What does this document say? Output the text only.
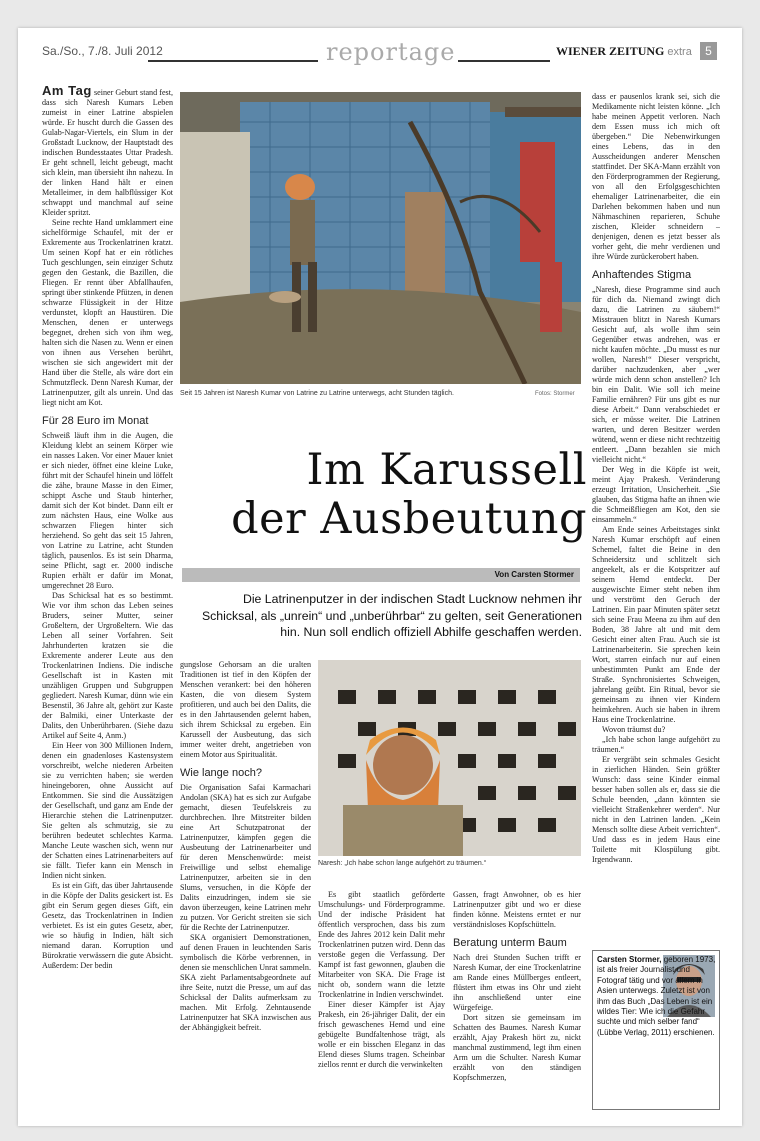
Sa./So., 7./8. Juli 2012	reportage	WIENER ZEITUNG extra	5

Am Tag seiner Geburt stand fest, dass sich Naresh Kumars Leben zumeist in einer Latrine abspielen würde. Er huscht durch die Gassen des Gulab-Nagar-Viertels, ein Slum in der Großstadt Lucknow, der Hauptstadt des indischen Bundesstaates Uttar Pradesh. Er geht schnell, leicht gebeugt, macht sich klein, man übersieht ihn nahezu. In der linken Hand hält er einen Metalleimer, in dem halbflüssiger Kot schwappt und manchmal auf seine Kleider spritzt.

Seine rechte Hand umklammert eine sichelförmige Schaufel, mit der er Exkremente aus Trockenlatrinen kratzt. Um seinen Kopf hat er ein rötliches Tuch geschlungen, sein einziger Schutz gegen den Gestank, die Bazillen, die Fliegen. Er rennt über Abfallhaufen, springt über stinkende Pfützen, in denen schwarze Flüssigkeit in der Hitze verdunstet, klopft an Haustüren. Die Menschen, denen er unterwegs begegnet, drehen sich von ihm weg, halten sich die Nasen zu. Wenn er einen von ihnen aus Versehen berührt, wischen sie sich angewidert mit der Hand über die Stelle, als wäre dort ein Schmutzfleck. Denn Naresh Kumar, der Latrinenputzer, gilt als unrein. Und das liegt nicht am Kot.

Für 28 Euro im Monat

Schweiß läuft ihm in die Augen, die Kleidung klebt an seinem Körper wie ein nasses Laken. Vor einer Mauer kniet er sich nieder, öffnet eine kleine Luke, führt mit der Schaufel hinein und löffelt die zähe, braune Masse in den Eimer, schippt Asche und Staub hinterher, damit sich der Kot bindet. Dann eilt er zum nächsten Haus, eine Wolke aus schwarzen Fliegen hinter sich herziehend. So geht das seit 15 Jahren, von Latrine zu Latrine, acht Stunden täglich, pausenlos. Es ist sein Dharma, seine Pflicht, sagt er. 2000 indische Rupien erhält er dafür im Monat, umgerechnet 28 Euro.

Das Schicksal hat es so bestimmt. Wie vor ihm schon das Leben seines Bruders, seiner Mutter, seiner Großeltern, der Urgroßeltern. Wie das Leben all seiner Vorfahren. Seit Jahrhunderten kratzen sie die Exkremente anderer Leute aus den Trockenlatrinen Indiens. Die indische Gesellschaft ist in Kasten mit unzähligen Gruppen und Subgruppen gegliedert. Naresh Kumar, dünn wie ein Besenstil, 36 Jahre alt, gehört zur Kaste der Balmiki, einer Unterkaste der Dalits, den Unberührbaren. (Siehe dazu Artikel auf Seite 4, Anm.)

Ein Heer von 300 Millionen Indern, denen ein gnadenloses Kastensystem vorschreibt, welche niederen Arbeiten sie zu verrichten haben; sie werden hineingeboren, ohne Aussicht auf Entkommen. Sie sind die Aussätzigen der Gesellschaft, und ganz am Ende der Hierarchie stehen die Latrinenputzer. Sie gelten als schmutzig, sie zu berühren bedeutet schlechtes Karma. Manche Leute waschen sich, wenn nur der Schatten eines Latrinenarbeiters auf sie fällt. Tiefer kann ein Mensch in Indien nicht sinken.

Es ist ein Gift, das über Jahrtausende in die Köpfe der Dalits gesickert ist. Es gibt ein Serum gegen dieses Gift, ein Gesetz, das Trockenlatrinen in Indien verbietet. Es ist ein gutes Gesetz, aber, wie so häufig in Indien, hält sich niemand daran. Korruption und Bürokratie verwässern die gute Absicht. Außerdem: Der bedin

Seit 15 Jahren ist Naresh Kumar von Latrine zu Latrine unterwegs, acht Stunden täglich.	Fotos: Stormer
Im Karussell
der Ausbeutung
Von Carsten Stormer
Die Latrinenputzer in der indischen Stadt Lucknow nehmen ihr Schicksal, als „unrein“ und „unberührbar“ zu gelten, seit Generationen hin. Nun soll endlich offiziell Abhilfe geschaffen werden.

gungslose Gehorsam an die uralten Traditionen ist tief in den Köpfen der Menschen verankert: bei den höheren Kasten, die von diesem System profitieren, und auch bei den Dalits, die es in den Jahrtausenden gelernt haben, sich ihrem Schicksal zu ergeben. Ein Karussell der Ausbeutung, das sich immer weiter dreht, angetrieben von einem Motor aus Spiritualität.

Wie lange noch?

Die Organisation Safai Karmachari Andolan (SKA) hat es sich zur Aufgabe gemacht, diesen Teufelskreis zu durchbrechen. Ihre Mitstreiter bilden eine Art Schutzpatronat der Latrinenputzer, kämpfen gegen die Ausbeutung der Latrinenarbeiter und für deren Menschenwürde: meist Freiwillige und selbst ehemalige Latrinenputzer, arbeiten sie in den Slums, versuchen, in die Köpfe der Dalits einzudringen, indem sie sie davon überzeugen, keine Latrinen mehr zu putzen. Vor Gericht streiten sie sich für die Rechte der Latrinenputzer.

SKA organisiert Demonstrationen, auf denen Frauen in leuchtenden Saris symbolisch die Körbe verbrennen, in denen sie menschlichen Unrat sammeln. SKA zieht Parlamentsabgeordnete auf ihre Seite, nutzt die Presse, um auf das Schicksal der Dalits aufmerksam zu machen. Mit Erfolg. Zehntausende Latrinenputzer hat SKA inzwischen aus der Abhängigkeit befreit.

Naresh: „Ich habe schon lange aufgehört zu träumen.“

Es gibt staatlich geförderte Umschulungs- und Förderprogramme. Und der indische Präsident hat öffentlich versprochen, dass bis zum Ende des Jahres 2012 kein Dalit mehr Trockenlatrinen putzen wird. Denn das verstoße gegen die Verfassung. Der Kampf ist fast gewonnen, glauben die Mitarbeiter von SKA. Die Frage ist nicht ob, sondern wann die letzte Trockenlatrine in Indien verschwindet.

Einer dieser Kämpfer ist Ajay Prakesh, ein 26-jähriger Dalit, der ein frisch gewaschenes Hemd und eine gebügelte Bundfaltenhose trägt, als wolle er ein bisschen Eleganz in das Elend dieses Slums tragen. Scheinbar ziellos rennt er durch die verwinkelten

Gassen, fragt Anwohner, ob es hier Latrinenputzer gibt und wo er diese finden könne. Meistens erntet er nur verständnisloses Kopfschütteln.

Beratung unterm Baum

Nach drei Stunden Suchen trifft er Naresh Kumar, der eine Trockenlatrine am Rande eines Müllberges entleert, flüstert ihm etwas ins Ohr und zieht ihn anschließend unter eine Würgefeige.

Dort sitzen sie gemeinsam im Schatten des Baumes. Naresh Kumar erzählt, Ajay Prakesh hört zu, nickt manchmal zustimmend, legt ihm einen Arm um die Schulter. Naresh Kumar erzählt von den ständigen Kopfschmerzen,

dass er pausenlos krank sei, sich die Medikamente nicht leisten könne. „Ich habe meinen Appetit verloren. Nach dem Essen muss ich mich oft übergeben.“ Die Nebenwirkungen eines Lebens, das in den Ausscheidungen anderer Menschen stattfindet. Der SKA-Mann erzählt von den Förderprogrammen der Regierung, von all den Erfolgsgeschichten ehemaliger Latrinenarbeiter, die ein Darlehen bekommen haben und nun Nähmaschinen reparieren, Schuhe zischen, Kleider schneidern – denjenigen, denen es jetzt besser als vorher geht, die mehr verdienen und ihre Würde zurückerobert haben.

Anhaftendes Stigma

„Naresh, diese Programme sind auch für dich da. Niemand zwingt dich dazu, die Latrinen zu säubern!“ Misstrauen blitzt in Naresh Kumars Gesicht auf, als wolle ihm sein Gegenüber etwas andrehen, was er nicht kaufen möchte. „Du musst es nur wollen, Naresh!“ Dieser verspricht, darüber nachzudenken, aber „wer würde mich denn schon anstellen? Ich bin ein Dalit. Wie soll ich meine Familie ernähren? Für uns gibt es nur diese Arbeit.“ Dann verabschiedet er sich, er müsse weiter. Die Latrinen warten, und deren Besitzer werden wütend, wenn er diese nicht rechtzeitig entleert. „Dann bezahlen sie mich vielleicht nicht.“

Der Weg in die Köpfe ist weit, meint Ajay Prakesh. Veränderung erzeugt Irritation, Unsicherheit. „Sie glauben, das Stigma hafte an ihnen wie die Schmeißfliegen am Kot, den sie einsammeln.“

Am Ende seines Arbeitstages sinkt Naresh Kumar erschöpft auf einen Schemel, faltet die Beine in den Schneidersitz und schlitzelt sich angeekelt, als er die Kotspritzer auf seinem Hemd entdeckt. Der ausgewischte Eimer steht neben ihm und verströmt den Geruch der Latrinen. Ein paar Minuten später setzt sich seine Frau Meena zu ihm auf den Boden, 38 Jahre alt und mit dem Gesicht einer alten Frau. Auch sie ist Latrinenarbeiterin. Sie sprechen kein Wort, starren einfach nur auf einen unbestimmten Punkt am Ende der Straße. Synchronisiertes Schweigen, jahrelang geübt. Ein Ritual, bevor sie gemeinsam zu ihnen vier Kindern heimkehren. Auch sie haben in ihrem Haus eine Trockenlatrine.

Wovon träumst du?

„Ich habe schon lange aufgehört zu träumen.“

Er vergräbt sein schmales Gesicht in zierlichen Händen. Sein größter Wunsch: dass seine Kinder einmal besser haben sollen als er, dass sie die Schule beenden, „dann könnten sie vielleicht Straßenkehrer werden“. Nur nicht in den Latrinen landen. „Kein Mensch sollte diese Arbeit verrichten“. Und dass es in jedem Haus eine Toilette mit Klospülung gibt. Irgendwann.

Carsten Stormer, geboren 1973, ist als freier Journalist und Fotograf tätig und vor allem in Asien unterwegs. Zuletzt ist von ihm das Buch „Das Leben ist ein wildes Tier: Wie ich die Gefahr suchte und mich selber fand“ (Lübbe Verlag, 2011) erschienen.
